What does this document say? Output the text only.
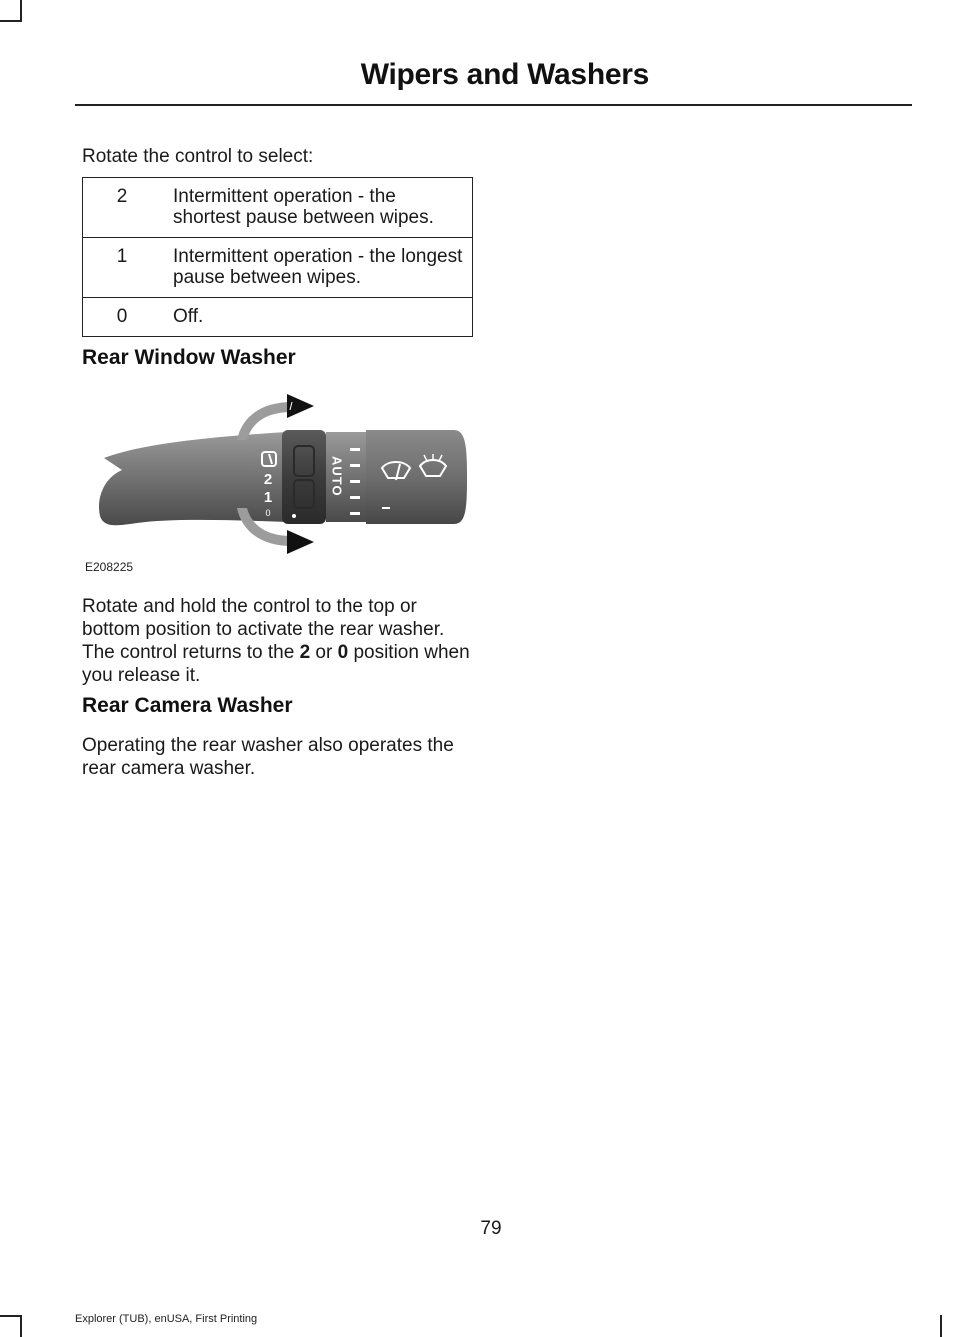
Wipers and Washers
Rotate the control to select:
2	Intermittent operation - the shortest pause between wipes.
1	Intermittent operation - the longest pause between wipes.
0	Off.
Rear Window Washer
2
1
0
AUTO
E208225

Rotate and hold the control to the top or bottom position to activate the rear washer. The control returns to the 2 or 0 position when you release it.

Rear Camera Washer

Operating the rear washer also operates the rear camera washer.

79
Explorer (TUB), enUSA, First Printing
